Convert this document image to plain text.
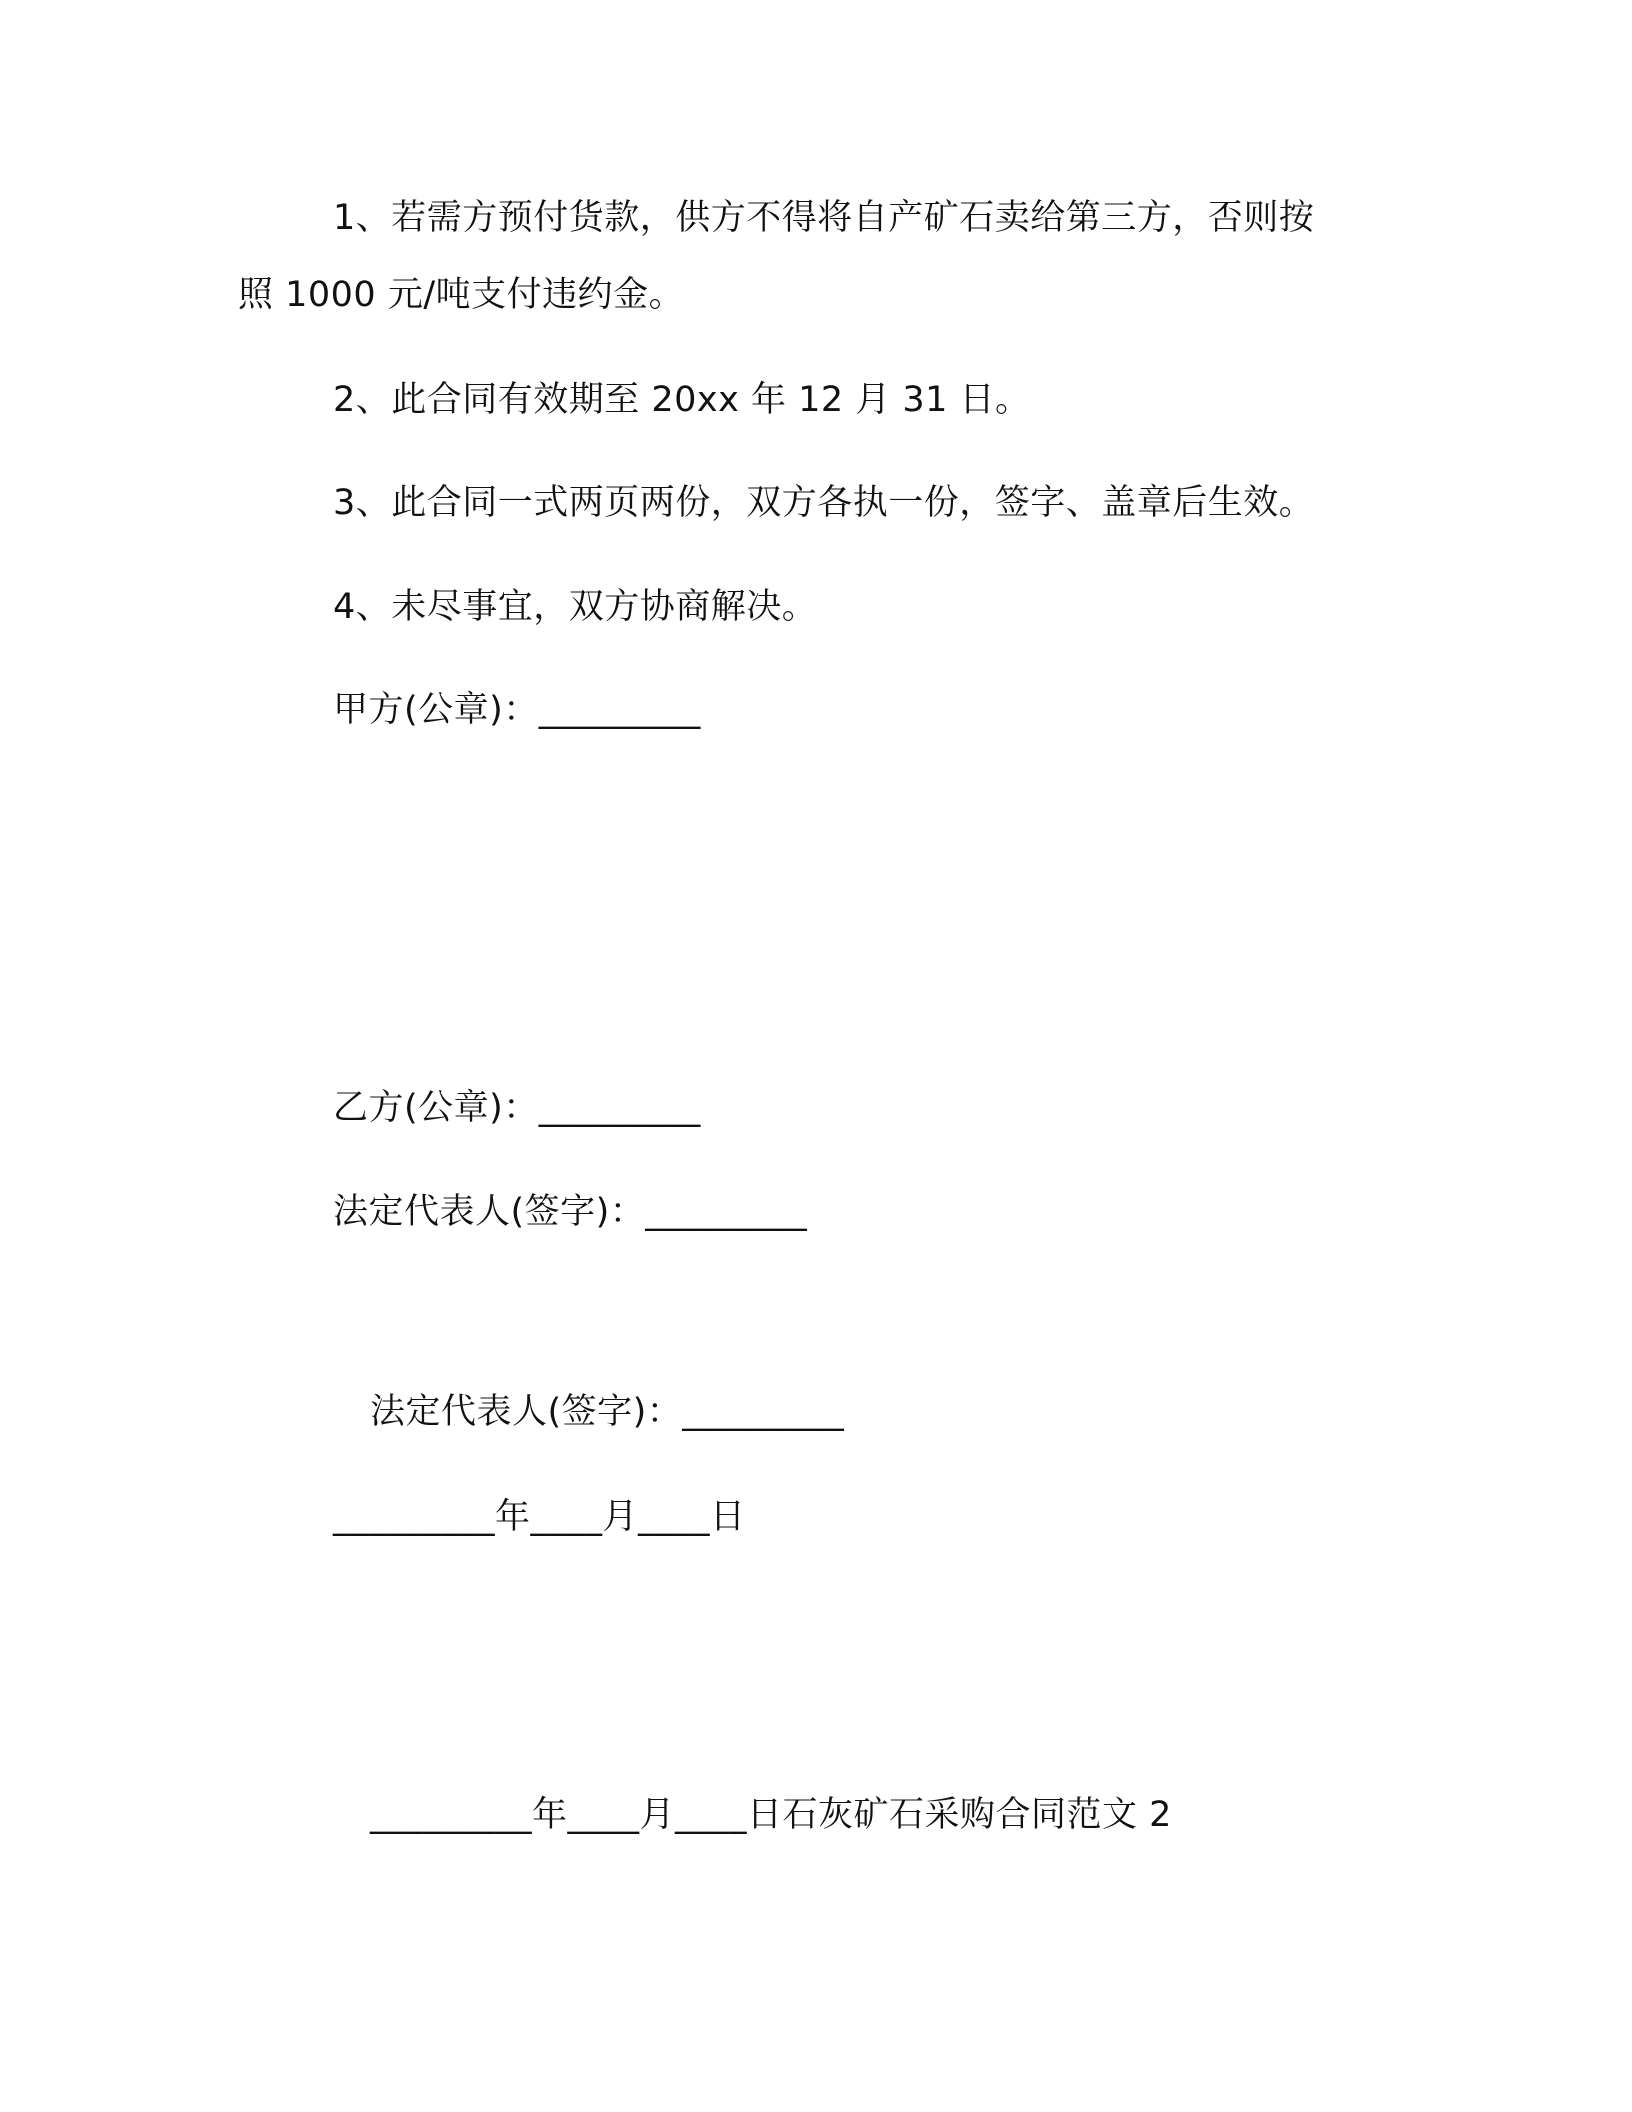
1、若需方预付货款，供方不得将自产矿石卖给第三方，否则按
照 1000 元/吨支付违约金。
2、此合同有效期至 20xx 年 12 月 31 日。
3、此合同一式两页两份，双方各执一份，签字、盖章后生效。
4、未尽事宜，双方协商解决。
甲方(公章)：_________
乙方(公章)：_________
法定代表人(签字)：_________
法定代表人(签字)：_________
_________年____月____日
_________年____月____日石灰矿石采购合同范文 2
